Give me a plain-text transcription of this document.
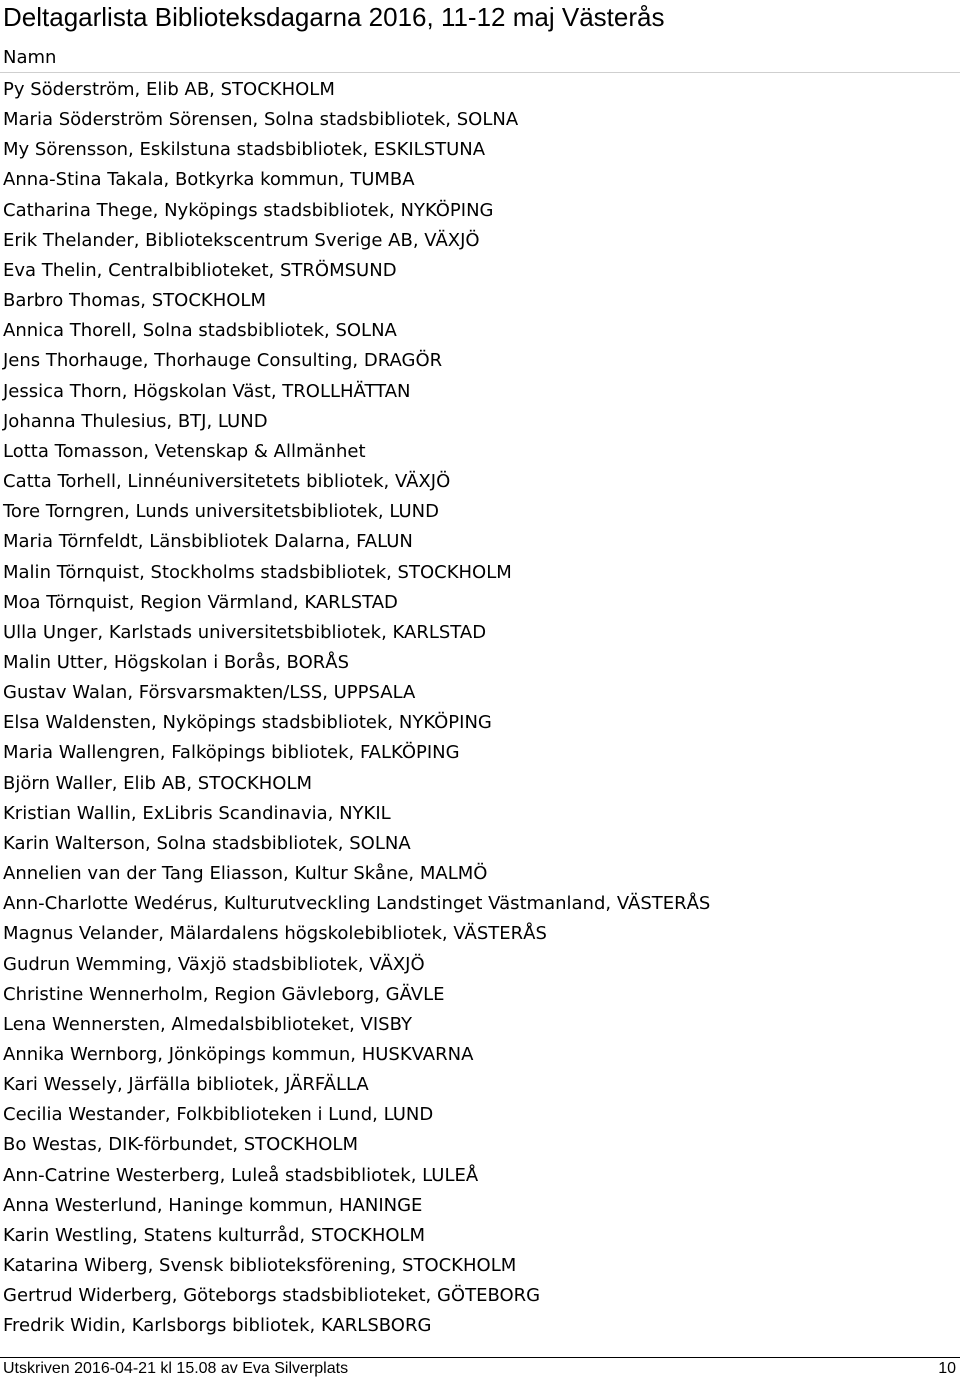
Deltagarlista Biblioteksdagarna 2016, 11-12 maj Västerås
Namn
Py Söderström, Elib AB, STOCKHOLM
Maria Söderström Sörensen, Solna stadsbibliotek, SOLNA
My Sörensson, Eskilstuna stadsbibliotek, ESKILSTUNA
Anna-Stina Takala, Botkyrka kommun, TUMBA
Catharina Thege, Nyköpings stadsbibliotek, NYKÖPING
Erik Thelander, Bibliotekscentrum Sverige AB, VÄXJÖ
Eva Thelin, Centralbiblioteket, STRÖMSUND
Barbro Thomas, STOCKHOLM
Annica Thorell, Solna stadsbibliotek, SOLNA
Jens Thorhauge, Thorhauge Consulting, DRAGÖR
Jessica Thorn, Högskolan Väst, TROLLHÄTTAN
Johanna Thulesius, BTJ, LUND
Lotta Tomasson, Vetenskap & Allmänhet
Catta Torhell, Linnéuniversitetets bibliotek, VÄXJÖ
Tore Torngren, Lunds universitetsbibliotek, LUND
Maria Törnfeldt, Länsbibliotek Dalarna, FALUN
Malin Törnquist, Stockholms stadsbibliotek, STOCKHOLM
Moa Törnquist, Region Värmland, KARLSTAD
Ulla Unger, Karlstads universitetsbibliotek, KARLSTAD
Malin Utter, Högskolan i Borås, BORÅS
Gustav Walan, Försvarsmakten/LSS, UPPSALA
Elsa Waldensten, Nyköpings stadsbibliotek, NYKÖPING
Maria Wallengren, Falköpings bibliotek, FALKÖPING
Björn Waller, Elib AB, STOCKHOLM
Kristian Wallin, ExLibris Scandinavia, NYKIL
Karin Walterson, Solna stadsbibliotek, SOLNA
Annelien van der Tang Eliasson, Kultur Skåne, MALMÖ
Ann-Charlotte Wedérus, Kulturutveckling Landstinget Västmanland, VÄSTERÅS
Magnus Velander, Mälardalens högskolebibliotek, VÄSTERÅS
Gudrun Wemming, Växjö stadsbibliotek, VÄXJÖ
Christine Wennerholm, Region Gävleborg, GÄVLE
Lena Wennersten, Almedalsbiblioteket, VISBY
Annika Wernborg, Jönköpings kommun, HUSKVARNA
Kari Wessely, Järfälla bibliotek, JÄRFÄLLA
Cecilia Westander, Folkbiblioteken i Lund, LUND
Bo Westas, DIK-förbundet, STOCKHOLM
Ann-Catrine Westerberg, Luleå stadsbibliotek, LULEÅ
Anna Westerlund, Haninge kommun, HANINGE
Karin Westling, Statens kulturråd, STOCKHOLM
Katarina Wiberg, Svensk biblioteksförening, STOCKHOLM
Gertrud Widerberg, Göteborgs stadsbiblioteket, GÖTEBORG
Fredrik Widin, Karlsborgs bibliotek, KARLSBORG
Utskriven 2016-04-21 kl 15.08 av Eva Silverplats	10
